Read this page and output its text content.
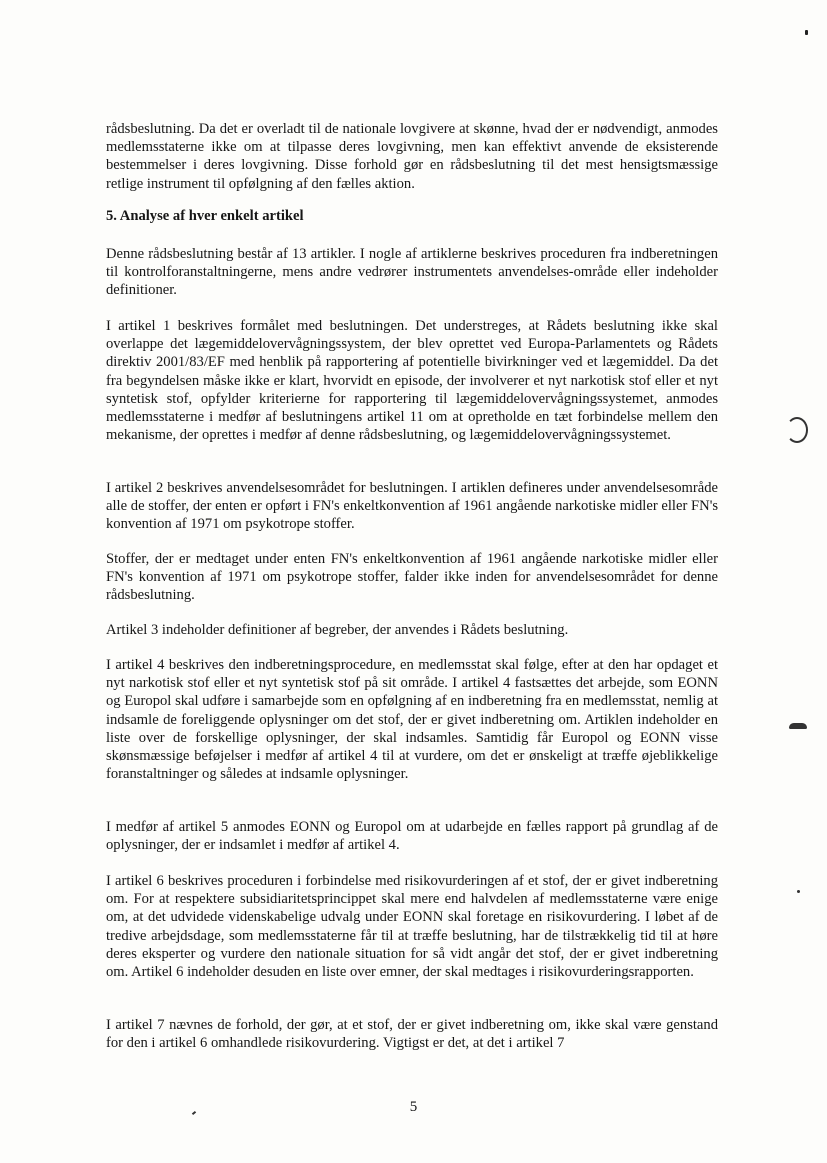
rådsbeslutning. Da det er overladt til de nationale lovgivere at skønne, hvad der er nødvendigt, anmodes medlemsstaterne ikke om at tilpasse deres lovgivning, men kan effektivt anvende de eksisterende bestemmelser i deres lovgivning. Disse forhold gør en rådsbeslutning til det mest hensigtsmæssige retlige instrument til opfølgning af den fælles aktion.
5. Analyse af hver enkelt artikel
Denne rådsbeslutning består af 13 artikler. I nogle af artiklerne beskrives proceduren fra indberetningen til kontrolforanstaltningerne, mens andre vedrører instrumentets anvendelses-område eller indeholder definitioner.
I artikel 1 beskrives formålet med beslutningen. Det understreges, at Rådets beslutning ikke skal overlappe det lægemiddelovervågningssystem, der blev oprettet ved Europa-Parlamentets og Rådets direktiv 2001/83/EF med henblik på rapportering af potentielle bivirkninger ved et lægemiddel. Da det fra begyndelsen måske ikke er klart, hvorvidt en episode, der involverer et nyt narkotisk stof eller et nyt syntetisk stof, opfylder kriterierne for rapportering til lægemiddelovervågningssystemet, anmodes medlemsstaterne i medfør af beslutningens artikel 11 om at opretholde en tæt forbindelse mellem den mekanisme, der oprettes i medfør af denne rådsbeslutning, og lægemiddelovervågningssystemet.
I artikel 2 beskrives anvendelsesområdet for beslutningen. I artiklen defineres under anvendelsesområde alle de stoffer, der enten er opført i FN's enkeltkonvention af 1961 angående narkotiske midler eller FN's konvention af 1971 om psykotrope stoffer.
Stoffer, der er medtaget under enten FN's enkeltkonvention af 1961 angående narkotiske midler eller FN's konvention af 1971 om psykotrope stoffer, falder ikke inden for anvendelsesområdet for denne rådsbeslutning.
Artikel 3 indeholder definitioner af begreber, der anvendes i Rådets beslutning.
I artikel 4 beskrives den indberetningsprocedure, en medlemsstat skal følge, efter at den har opdaget et nyt narkotisk stof eller et nyt syntetisk stof på sit område. I artikel 4 fastsættes det arbejde, som EONN og Europol skal udføre i samarbejde som en opfølgning af en indberetning fra en medlemsstat, nemlig at indsamle de foreliggende oplysninger om det stof, der er givet indberetning om. Artiklen indeholder en liste over de forskellige oplysninger, der skal indsamles. Samtidig får Europol og EONN visse skønsmæssige beføjelser i medfør af artikel 4 til at vurdere, om det er ønskeligt at træffe øjeblikkelige foranstaltninger og således at indsamle oplysninger.
I medfør af artikel 5 anmodes EONN og Europol om at udarbejde en fælles rapport på grundlag af de oplysninger, der er indsamlet i medfør af artikel 4.
I artikel 6 beskrives proceduren i forbindelse med risikovurderingen af et stof, der er givet indberetning om. For at respektere subsidiaritetsprincippet skal mere end halvdelen af medlemsstaterne være enige om, at det udvidede videnskabelige udvalg under EONN skal foretage en risikovurdering. I løbet af de tredive arbejdsdage, som medlemsstaterne får til at træffe beslutning, har de tilstrækkelig tid til at høre deres eksperter og vurdere den nationale situation for så vidt angår det stof, der er givet indberetning om. Artikel 6 indeholder desuden en liste over emner, der skal medtages i risikovurderingsrapporten.
I artikel 7 nævnes de forhold, der gør, at et stof, der er givet indberetning om, ikke skal være genstand for den i artikel 6 omhandlede risikovurdering. Vigtigst er det, at det i artikel 7
5
